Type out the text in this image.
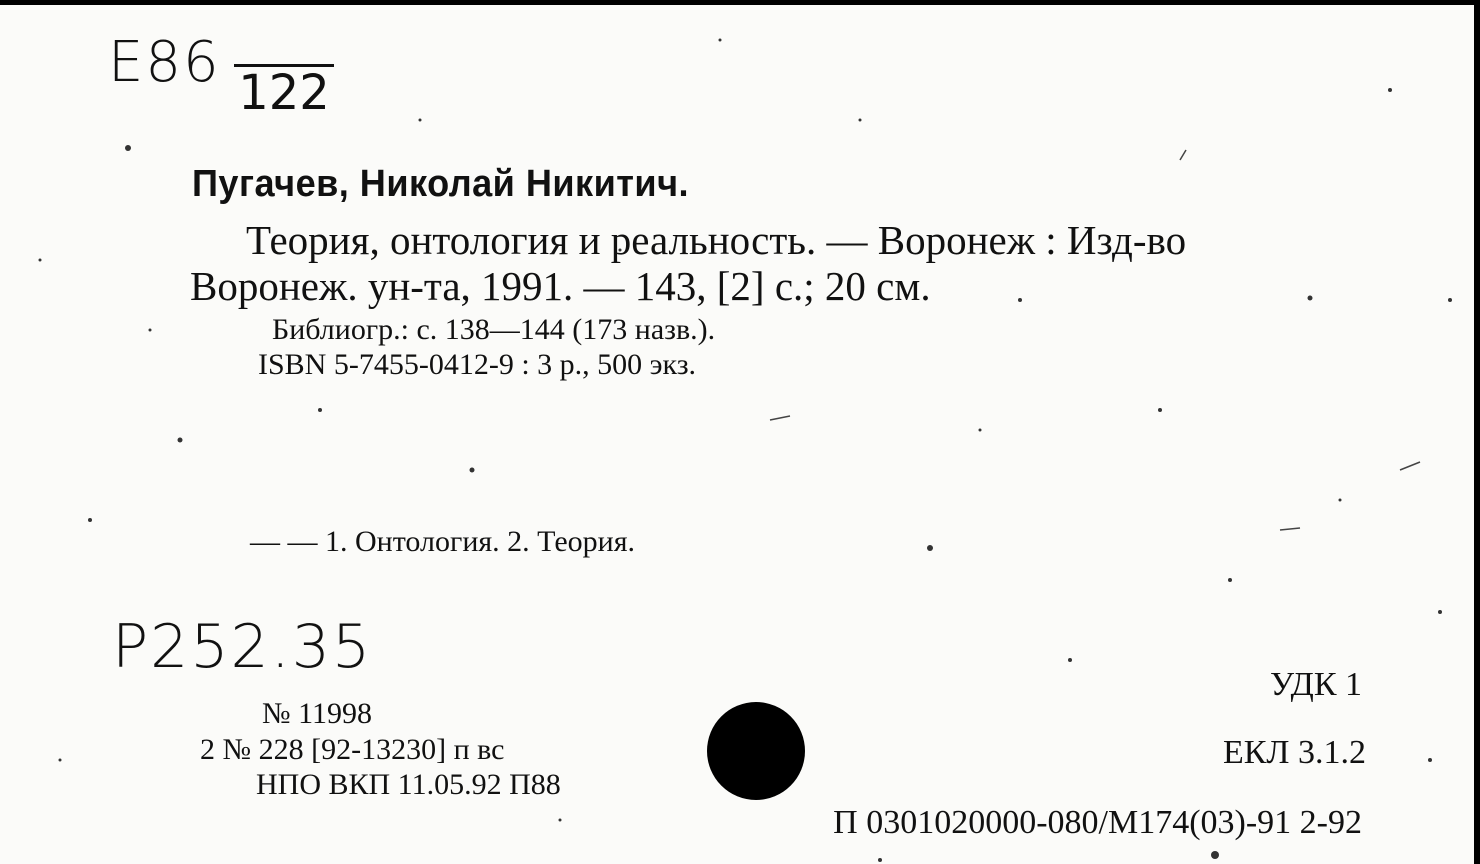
E86 122
Пугачев, Николай Никитич.
Теория, онтология и реальность. — Воронеж : Изд-во
Воронеж. ун-та, 1991. — 143, [2] с.; 20 см.
Библиогр.: с. 138—144 (173 назв.).
ISBN 5-7455-0412-9 : 3 р., 500 экз.
— — 1. Онтология. 2. Теория.
P252.35
№ 11998
2 № 228 [92-13230] п вс
НПО ВКП 11.05.92 П88
УДК 1
ЕКЛ 3.1.2
П 0301020000-080/М174(03)-91 2-92
